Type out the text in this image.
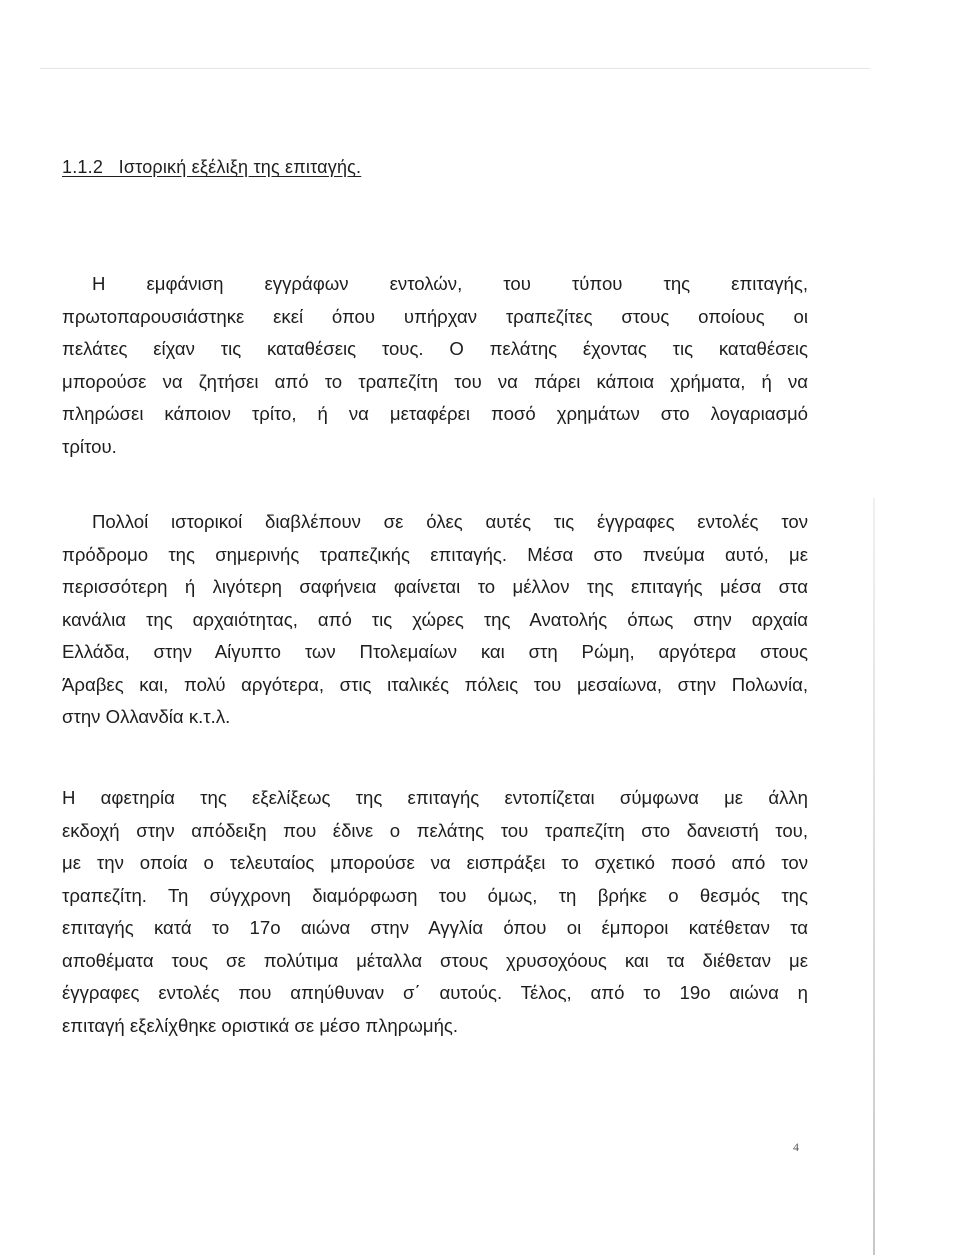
1.1.2   Ιστορική εξέλιξη της επιταγής.
Η εμφάνιση εγγράφων εντολών, του τύπου της επιταγής,
πρωτοπαρουσιάστηκε εκεί όπου υπήρχαν τραπεζίτες στους οποίους οι
πελάτες είχαν τις καταθέσεις τους. Ο πελάτης έχοντας τις καταθέσεις
μπορούσε να ζητήσει από το τραπεζίτη του να πάρει κάποια χρήματα, ή να
πληρώσει κάποιον τρίτο, ή να μεταφέρει ποσό χρημάτων στο λογαριασμό
τρίτου.
Πολλοί ιστορικοί διαβλέπουν σε όλες αυτές τις έγγραφες εντολές τον
πρόδρομο της σημερινής τραπεζικής επιταγής. Μέσα στο πνεύμα αυτό, με
περισσότερη ή λιγότερη σαφήνεια φαίνεται το μέλλον της επιταγής μέσα στα
κανάλια της αρχαιότητας, από τις χώρες της Ανατολής όπως στην αρχαία
Ελλάδα, στην Αίγυπτο των Πτολεμαίων και στη Ρώμη, αργότερα στους
Άραβες και, πολύ αργότερα, στις ιταλικές πόλεις του μεσαίωνα, στην Πολωνία,
στην Ολλανδία κ.τ.λ.
Η αφετηρία της εξελίξεως της επιταγής εντοπίζεται σύμφωνα με άλλη
εκδοχή στην απόδειξη που έδινε ο πελάτης του τραπεζίτη στο δανειστή του,
με την οποία ο τελευταίος μπορούσε να εισπράξει το σχετικό ποσό από τον
τραπεζίτη. Τη σύγχρονη διαμόρφωση του όμως, τη βρήκε ο θεσμός της
επιταγής κατά το 17ο αιώνα στην Αγγλία όπου οι έμποροι κατέθεταν τα
αποθέματα τους σε πολύτιμα μέταλλα στους χρυσοχόους και τα διέθεταν με
έγγραφες εντολές που απηύθυναν σ΄ αυτούς. Τέλος, από το 19ο αιώνα η
επιταγή εξελίχθηκε οριστικά σε μέσο πληρωμής.
4
